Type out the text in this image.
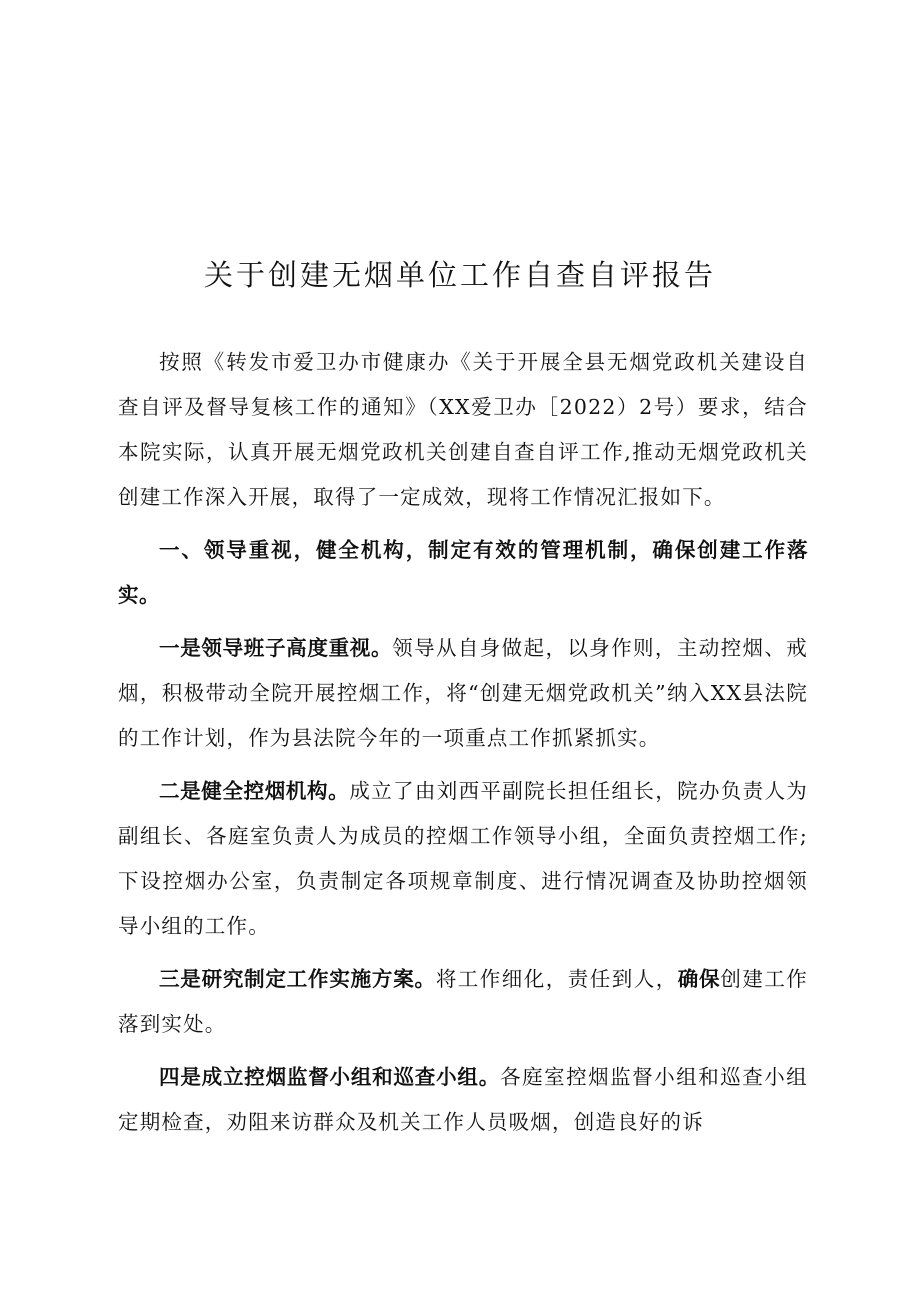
关于创建无烟单位工作自查自评报告

按照《转发市爱卫办市健康办《关于开展全县无烟党政机关建设自查自评及督导复核工作的通知》（XX爱卫办［2022）2号）要求，结合本院实际，认真开展无烟党政机关创建自查自评工作,推动无烟党政机关创建工作深入开展，取得了一定成效，现将工作情况汇报如下。

一、领导重视，健全机构，制定有效的管理机制，确保创建工作落实。

一是领导班子高度重视。领导从自身做起，以身作则，主动控烟、戒烟，积极带动全院开展控烟工作，将“创建无烟党政机关”纳入XX县法院的工作计划，作为县法院今年的一项重点工作抓紧抓实。

二是健全控烟机构。成立了由刘西平副院长担任组长，院办负责人为副组长、各庭室负责人为成员的控烟工作领导小组，全面负责控烟工作;下设控烟办公室，负责制定各项规章制度、进行情况调查及协助控烟领导小组的工作。

三是研究制定工作实施方案。将工作细化，责任到人，确保创建工作落到实处。

四是成立控烟监督小组和巡查小组。各庭室控烟监督小组和巡查小组定期检查，劝阻来访群众及机关工作人员吸烟，创造良好的诉
